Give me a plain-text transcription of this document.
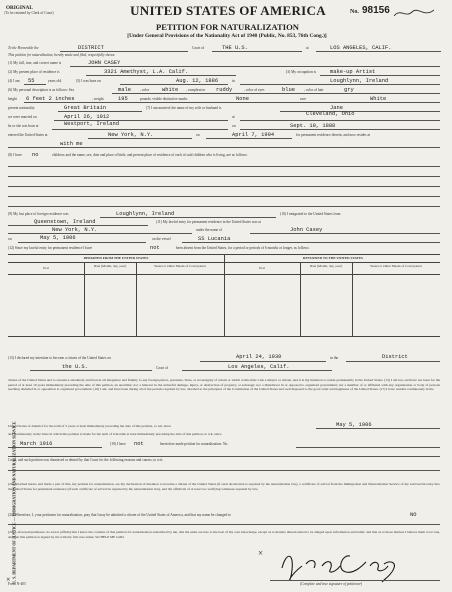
ORIGINAL
(To be retained by Clerk of Court)	UNITED STATES OF AMERICA	No. 98156
PETITION FOR NATURALIZATION
[Under General Provisions of the Nationality Act of 1940 (Public, No. 853, 76th Cong.)]
To the Honorable the	DISTRICT	Court of	THE U.S.	at	LOS ANGELES, CALIF.
This petition for naturalization, hereby made and filed, respectfully shows:
(1) My full, true, and correct name is	JOHN CASEY
(2) My present place of residence is	3321 Amethyst, L.A. Calif.	(3) My occupation is	make-up Artist
(4) I am 55	years old.	(5) I was born on	Aug. 12, 1886	in	Loughlynn, Ireland
(6) My personal description is as follows: Sex	male	, color white , complexion ruddy	, color of eyes	blue	, color of hair	gry
height 6 feet 2 inches	, weight	195	pounds; visible distinctive marks	None	race	White
present nationality	Great Britain	(7) I am married; the name of my wife or husband is	Jane
we were married on	April 26, 1912	at	Cleveland, Ohio
he or she was born at	Westport, Ireland	on	Sept. 10, 1888
entered the United States at	New York, N.Y.	on	April 7, 1904	for permanent residence therein, and now resides at
with me
(8) I have no	children; and the name, sex, date and place of birth, and present place of residence of each of said children who is living, are as follows:
(9) My last place of foreign residence was	Loughlynn, Ireland	(10) I emigrated to the United States from
Queenstown, Ireland	(11) My lawful entry for permanent residence in the United States was at
New York, N.Y.	under the name of	John Casey
on	May 5, 1906	on the vessel	SS Lucania
(12) Since my lawful entry for permanent residence I have	not	been absent from the United States, for a period or periods of 6 months or longer, as follows:
DEPARTED FROM THE UNITED STATES	RETURNED TO THE UNITED STATES
Port	Date (Month, day, year)	Vessel or Other Means of Conveyance	Port	Date (Month, day, year)	Vessel or Other Means of Conveyance
(13) I declared my intention to become a citizen of the United States on	April 24, 1939	in the	District
the U.S.	Court of	Los Angeles, Calif.
citizen of the United States and to renounce absolutely and forever all allegiance and fidelity to any foreign prince, potentate, State, or sovereignty of whom or which at this time I am a subject or citizen, and it is my intention to reside permanently in the United States. (15) I am not, and have not been for the period of at least 10 years immediately preceding the date of this petition, an anarchist; nor a believer in the unlawful damage, injury, or destruction of property, or sabotage; nor a disbeliever in or opposed to organized government; nor a member of or affiliated with any organization or body of persons teaching disbelief in or opposition to organized government. (16) I am, and have been during all of the periods required by law, attached to the principles of the Constitution of the United States and well disposed to the good order and happiness of the United States. (17) I have resided continuously in the
United States of America for the term of 5 years at least immediately preceding the date of this petition, to wit, since	May 5, 1906
and continuously in the State in which this petition is made for the term of 6 months at least immediately preceding the date of this petition, to wit, since
March 1916	(19) I have not	heretofore made petition for naturalization: No.
Court, and such petition was dismissed or denied by that Court for the following reasons and causes, to wit:
(20) Attached hereto and made a part of this, my petition for naturalization, are my declaration of intention to become a citizen of the United States (if such declaration is required by the naturalization law), a certificate of arrival from the Immigration and Naturalization Service of my said lawful entry into the United States for permanent residence (if such certificate of arrival be required by the naturalization law), and the affidavits of at least two verifying witnesses required by law.
(21) Wherefore, I, your petitioner for naturalization, pray that I may be admitted a citizen of the United States of America, and that my name be changed to	NO
(22) I, aforesaid petitioner, do swear (affirm) that I know the contents of this petition for naturalization subscribed by me, that the same are true to the best of my own knowledge, except as to matters therein stated to be alleged upon information and belief, and that as to those matters I believe them to be true, and that this petition is signed by me with my full, true name: SO HELP ME GOD.
(Complete and true signature of petitioner)
U. S. DEPARTMENT OF JUSTICE — IMMIGRATION AND NATURALIZATION SERVICE
Form N-405
×
×
